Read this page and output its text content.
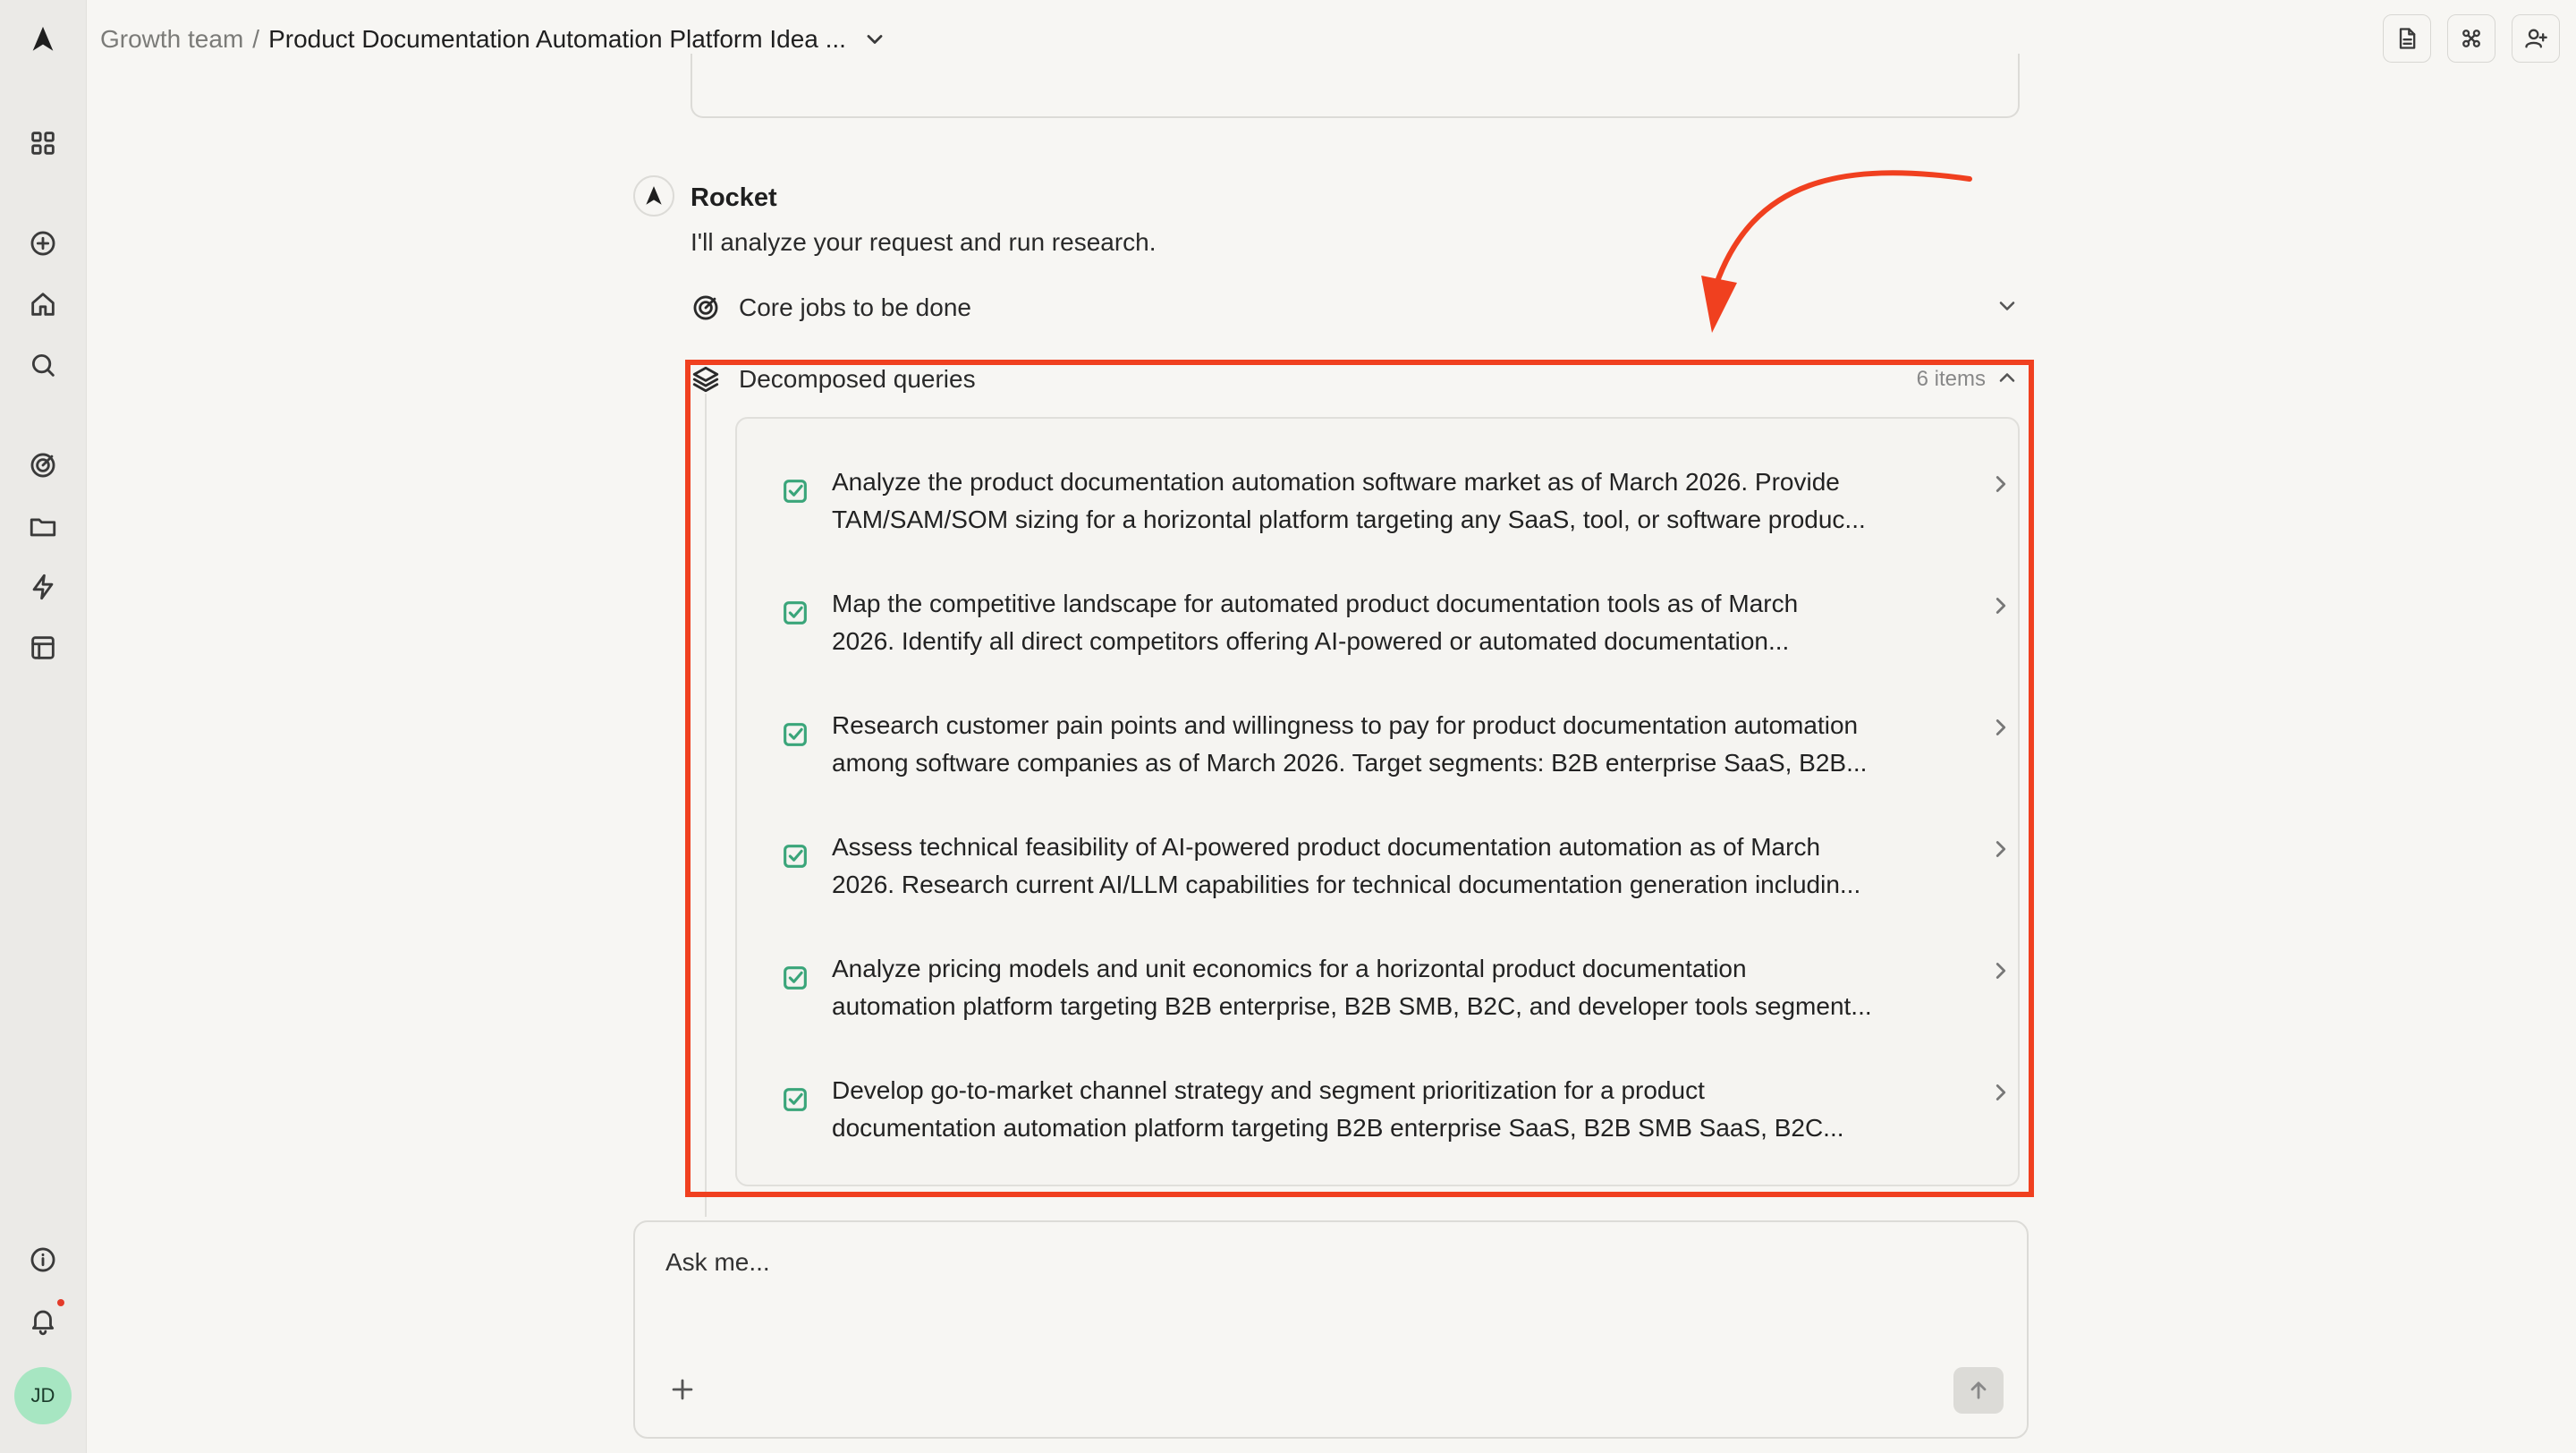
JD
Growth team / Product Documentation Automation Platform Idea ...
Rocket
I'll analyze your request and run research.
Core jobs to be done
Decomposed queries	6 items
Analyze the product documentation automation software market as of March 2026. Provide
TAM/SAM/SOM sizing for a horizontal platform targeting any SaaS, tool, or software produc...
Map the competitive landscape for automated product documentation tools as of March
2026. Identify all direct competitors offering AI-powered or automated documentation...
Research customer pain points and willingness to pay for product documentation automation
among software companies as of March 2026. Target segments: B2B enterprise SaaS, B2B...
Assess technical feasibility of AI-powered product documentation automation as of March
2026. Research current AI/LLM capabilities for technical documentation generation includin...
Analyze pricing models and unit economics for a horizontal product documentation
automation platform targeting B2B enterprise, B2B SMB, B2C, and developer tools segment...
Develop go-to-market channel strategy and segment prioritization for a product
documentation automation platform targeting B2B enterprise SaaS, B2B SMB SaaS, B2C...
Ask me...
